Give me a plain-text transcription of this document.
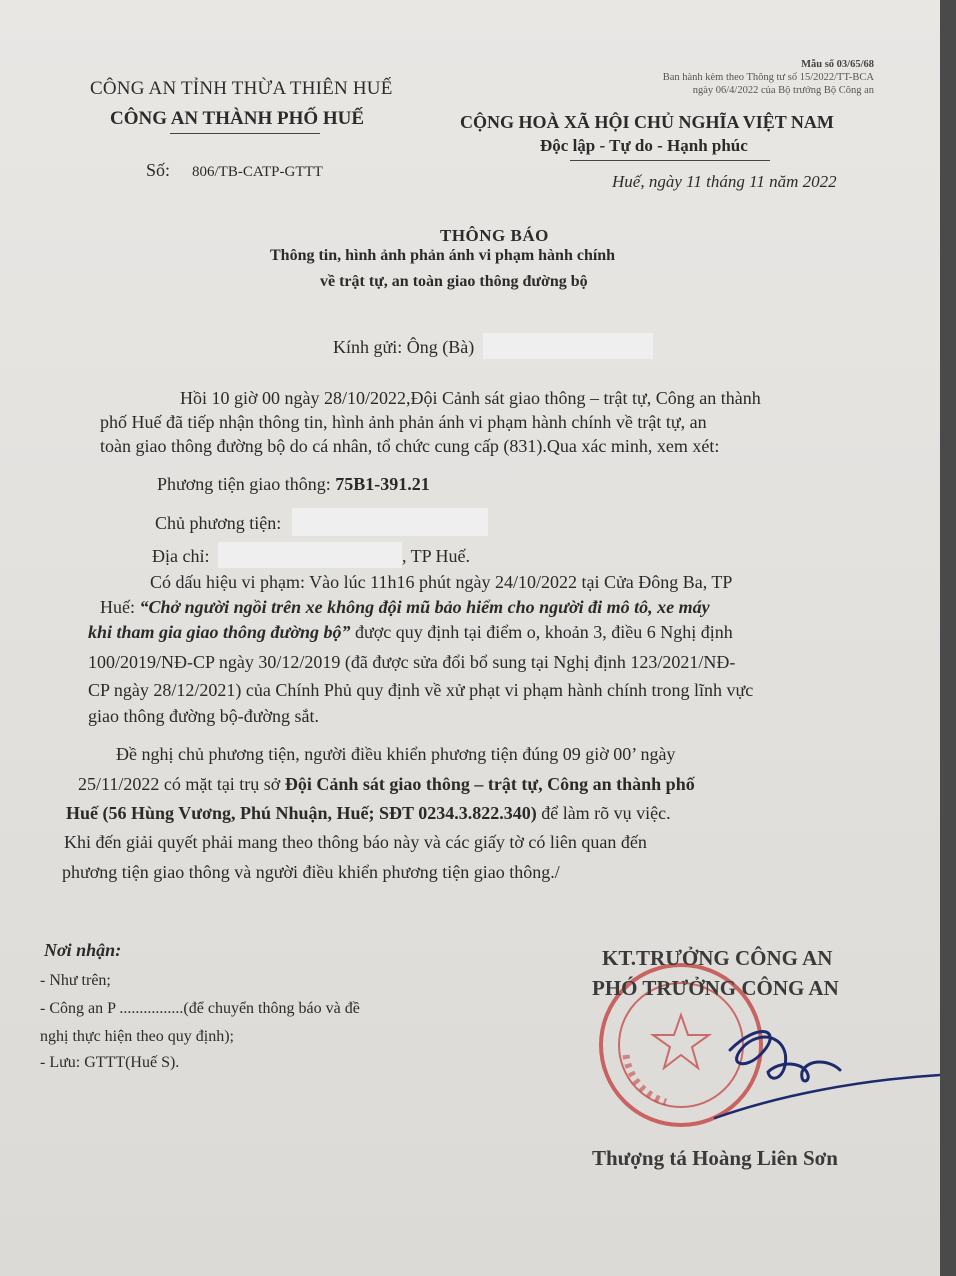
Mẫu số 03/65/68
Ban hành kèm theo Thông tư số 15/2022/TT-BCA
ngày 06/4/2022 của Bộ trưởng Bộ Công an
CÔNG AN TỈNH THỪA THIÊN HUẾ
CÔNG AN THÀNH PHỐ HUẾ	CỘNG HOÀ XÃ HỘI CHỦ NGHĨA VIỆT NAM
Độc lập - Tự do - Hạnh phúc
Số: 806/TB-CATP-GTTT	Huế, ngày 11 tháng 11 năm 2022
THÔNG BÁO
Thông tin, hình ảnh phản ánh vi phạm hành chính
về trật tự, an toàn giao thông đường bộ
Kính gửi: Ông (Bà)
Hồi 10 giờ 00 ngày 28/10/2022,Đội Cảnh sát giao thông – trật tự, Công an thành
phố Huế đã tiếp nhận thông tin, hình ảnh phản ánh vi phạm hành chính về trật tự, an
toàn giao thông đường bộ do cá nhân, tổ chức cung cấp (831).Qua xác minh, xem xét:
Phương tiện giao thông: 75B1-391.21
Chủ phương tiện:
Địa chỉ:	, TP Huế.
Có dấu hiệu vi phạm: Vào lúc 11h16 phút ngày 24/10/2022 tại Cửa Đông Ba, TP
Huế: “Chở người ngồi trên xe không đội mũ bảo hiểm cho người đi mô tô, xe máy
khi tham gia giao thông đường bộ” được quy định tại điểm o, khoản 3, điều 6 Nghị định
100/2019/NĐ-CP ngày 30/12/2019 (đã được sửa đổi bổ sung tại Nghị định 123/2021/NĐ-
CP ngày 28/12/2021) của Chính Phủ quy định về xử phạt vi phạm hành chính trong lĩnh vực
giao thông đường bộ-đường sắt.
Đề nghị chủ phương tiện, người điều khiển phương tiện đúng 09 giờ 00’ ngày
25/11/2022 có mặt tại trụ sở Đội Cảnh sát giao thông – trật tự, Công an thành phố
Huế (56 Hùng Vương, Phú Nhuận, Huế; SĐT 0234.3.822.340) để làm rõ vụ việc.
Khi đến giải quyết phải mang theo thông báo này và các giấy tờ có liên quan đến
phương tiện giao thông và người điều khiển phương tiện giao thông./
Nơi nhận:
- Như trên;
- Công an P ................(để chuyển thông báo và đề
nghị thực hiện theo quy định);
- Lưu: GTTT(Huế S).
KT.TRƯỞNG CÔNG AN
PHÓ TRƯỞNG CÔNG AN
Thượng tá Hoàng Liên Sơn
